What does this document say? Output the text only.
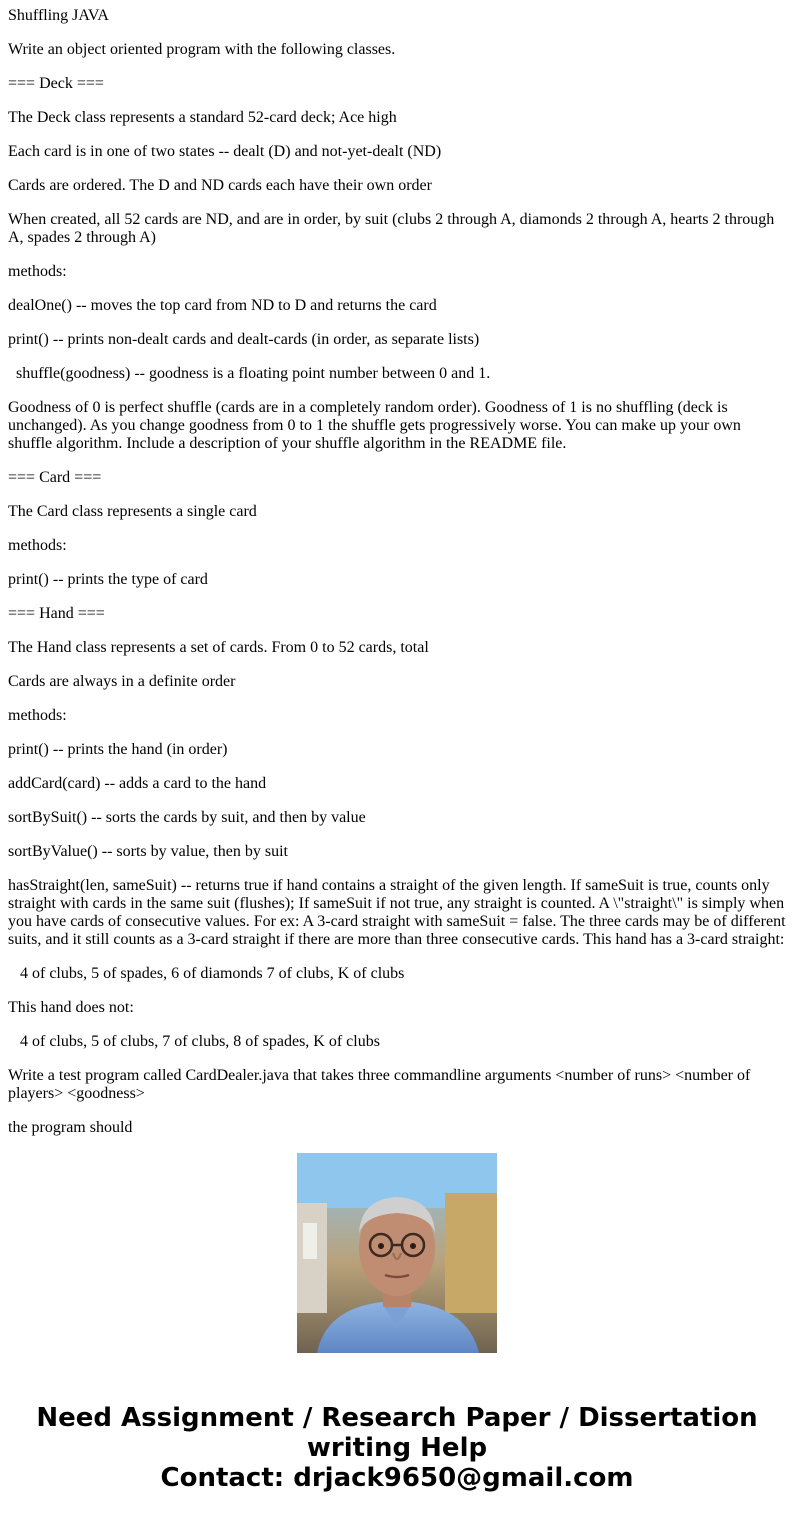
Shuffling JAVA

Write an object oriented program with the following classes.

=== Deck ===

The Deck class represents a standard 52-card deck; Ace high

Each card is in one of two states -- dealt (D) and not-yet-dealt (ND)

Cards are ordered. The D and ND cards each have their own order

When created, all 52 cards are ND, and are in order, by suit (clubs 2 through A, diamonds 2 through A, hearts 2 through A, spades 2 through A)

methods:

dealOne() -- moves the top card from ND to D and returns the card

print() -- prints non-dealt cards and dealt-cards (in order, as separate lists)

shuffle(goodness) -- goodness is a floating point number between 0 and 1.

Goodness of 0 is perfect shuffle (cards are in a completely random order). Goodness of 1 is no shuffling (deck is unchanged). As you change goodness from 0 to 1 the shuffle gets progressively worse. You can make up your own shuffle algorithm. Include a description of your shuffle algorithm in the README file.

=== Card ===

The Card class represents a single card

methods:

print() -- prints the type of card

=== Hand ===

The Hand class represents a set of cards. From 0 to 52 cards, total

Cards are always in a definite order

methods:

print() -- prints the hand (in order)

addCard(card) -- adds a card to the hand

sortBySuit() -- sorts the cards by suit, and then by value

sortByValue() -- sorts by value, then by suit

hasStraight(len, sameSuit) -- returns true if hand contains a straight of the given length. If sameSuit is true, counts only straight with cards in the same suit (flushes); If sameSuit if not true, any straight is counted. A \"straight\" is simply when you have cards of consecutive values. For ex: A 3-card straight with sameSuit = false. The three cards may be of different suits, and it still counts as a 3-card straight if there are more than three consecutive cards. This hand has a 3-card straight:

4 of clubs, 5 of spades, 6 of diamonds 7 of clubs, K of clubs

This hand does not:

4 of clubs, 5 of clubs, 7 of clubs, 8 of spades, K of clubs

Write a test program called CardDealer.java that takes three commandline arguments <number of runs> <number of players> <goodness>

the program should

Need Assignment / Research Paper / Dissertation
writing Help
Contact: drjack9650@gmail.com
